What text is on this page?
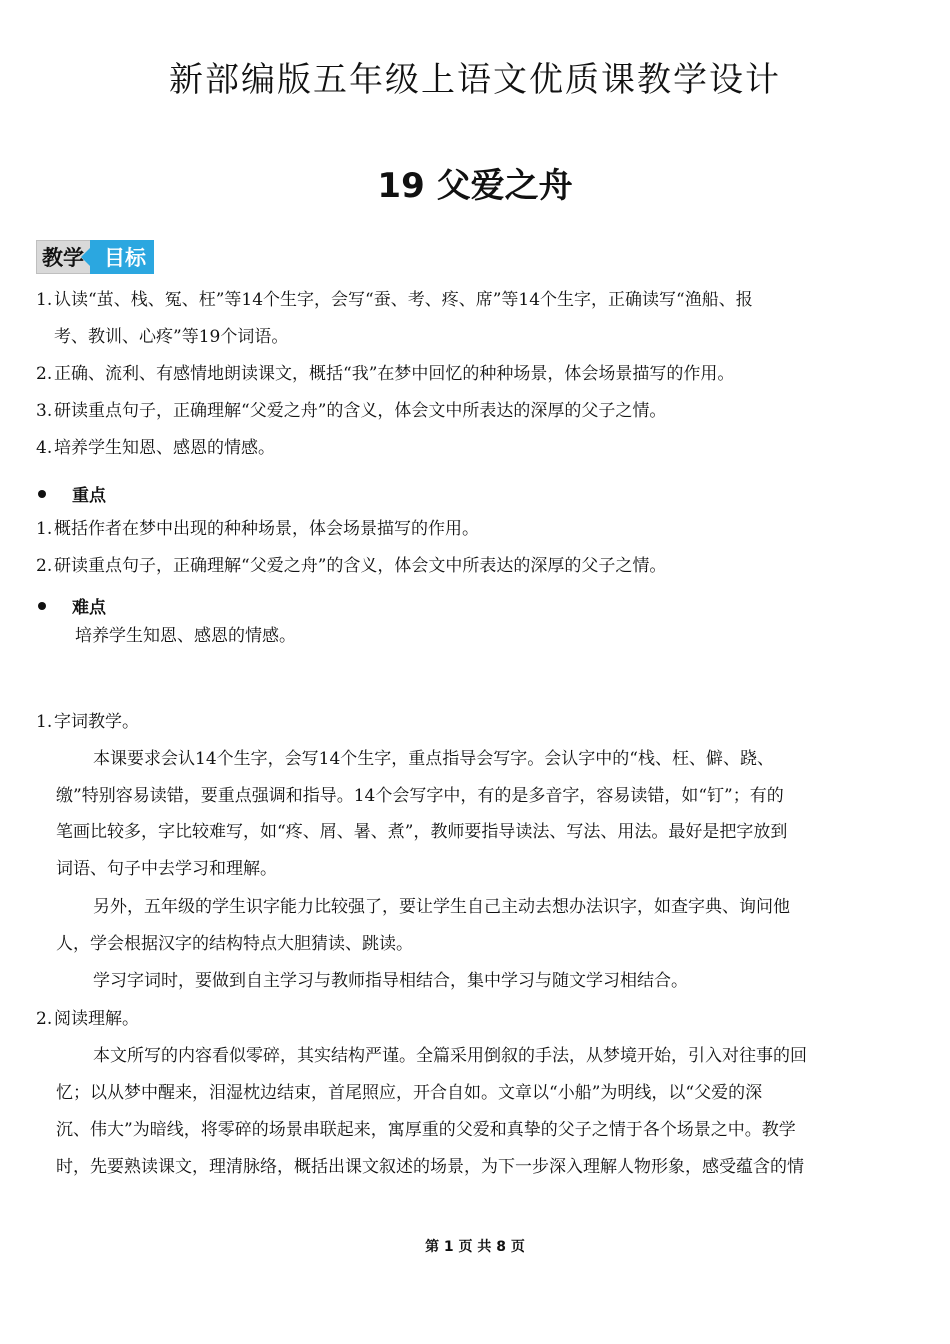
新部编版五年级上语文优质课教学设计
19 父爱之舟
教学 目标
1. 认读“茧、栈、冤、枉”等14个生字，会写“蚕、考、疼、席”等14个生字，正确读写“渔船、报

考、教训、心疼”等19个词语。

2. 正确、流利、有感情地朗读课文，概括“我”在梦中回忆的种种场景，体会场景描写的作用。

3. 研读重点句子，正确理解“父爱之舟”的含义，体会文中所表达的深厚的父子之情。

4. 培养学生知恩、感恩的情感。

重点
1. 概括作者在梦中出现的种种场景，体会场景描写的作用。

2. 研读重点句子，正确理解“父爱之舟”的含义，体会文中所表达的深厚的父子之情。

难点

培养学生知恩、感恩的情感。

1. 字词教学。

本课要求会认14个生字，会写14个生字，重点指导会写字。会认字中的“栈、枉、僻、跷、

缴”特别容易读错，要重点强调和指导。14个会写字中，有的是多音字，容易读错，如“钉”；有的

笔画比较多，字比较难写，如“疼、屑、暑、煮”，教师要指导读法、写法、用法。最好是把字放到

词语、句子中去学习和理解。

另外，五年级的学生识字能力比较强了，要让学生自己主动去想办法识字，如查字典、询问他

人，学会根据汉字的结构特点大胆猜读、跳读。

学习字词时，要做到自主学习与教师指导相结合，集中学习与随文学习相结合。

2. 阅读理解。

本文所写的内容看似零碎，其实结构严谨。全篇采用倒叙的手法，从梦境开始，引入对往事的回

忆；以从梦中醒来，泪湿枕边结束，首尾照应，开合自如。文章以“小船”为明线，以“父爱的深

沉、伟大”为暗线，将零碎的场景串联起来，寓厚重的父爱和真挚的父子之情于各个场景之中。教学

时，先要熟读课文，理清脉络，概括出课文叙述的场景，为下一步深入理解人物形象，感受蕴含的情

第 1 页 共 8 页
